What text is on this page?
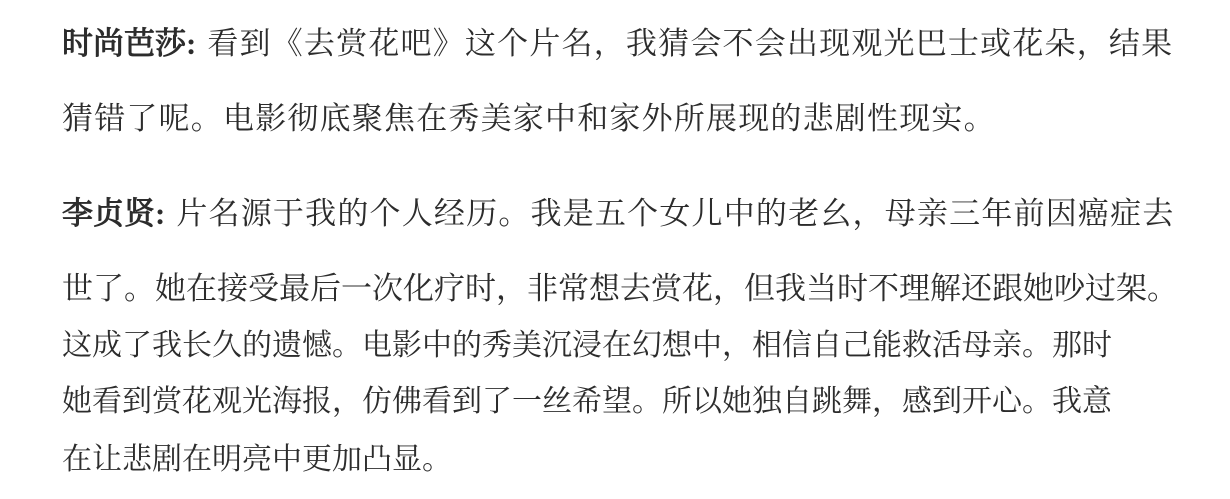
时尚芭莎: 看到《去赏花吧》这个片名，我猜会不会出现观光巴士或花朵，结果
猜错了呢。电影彻底聚焦在秀美家中和家外所展现的悲剧性现实。
李贞贤: 片名源于我的个人经历。我是五个女儿中的老幺，母亲三年前因癌症去
世了。她在接受最后一次化疗时，非常想去赏花，但我当时不理解还跟她吵过架。
这成了我长久的遗憾。电影中的秀美沉浸在幻想中，相信自己能救活母亲。那时
她看到赏花观光海报，仿佛看到了一丝希望。所以她独自跳舞，感到开心。我意
在让悲剧在明亮中更加凸显。
